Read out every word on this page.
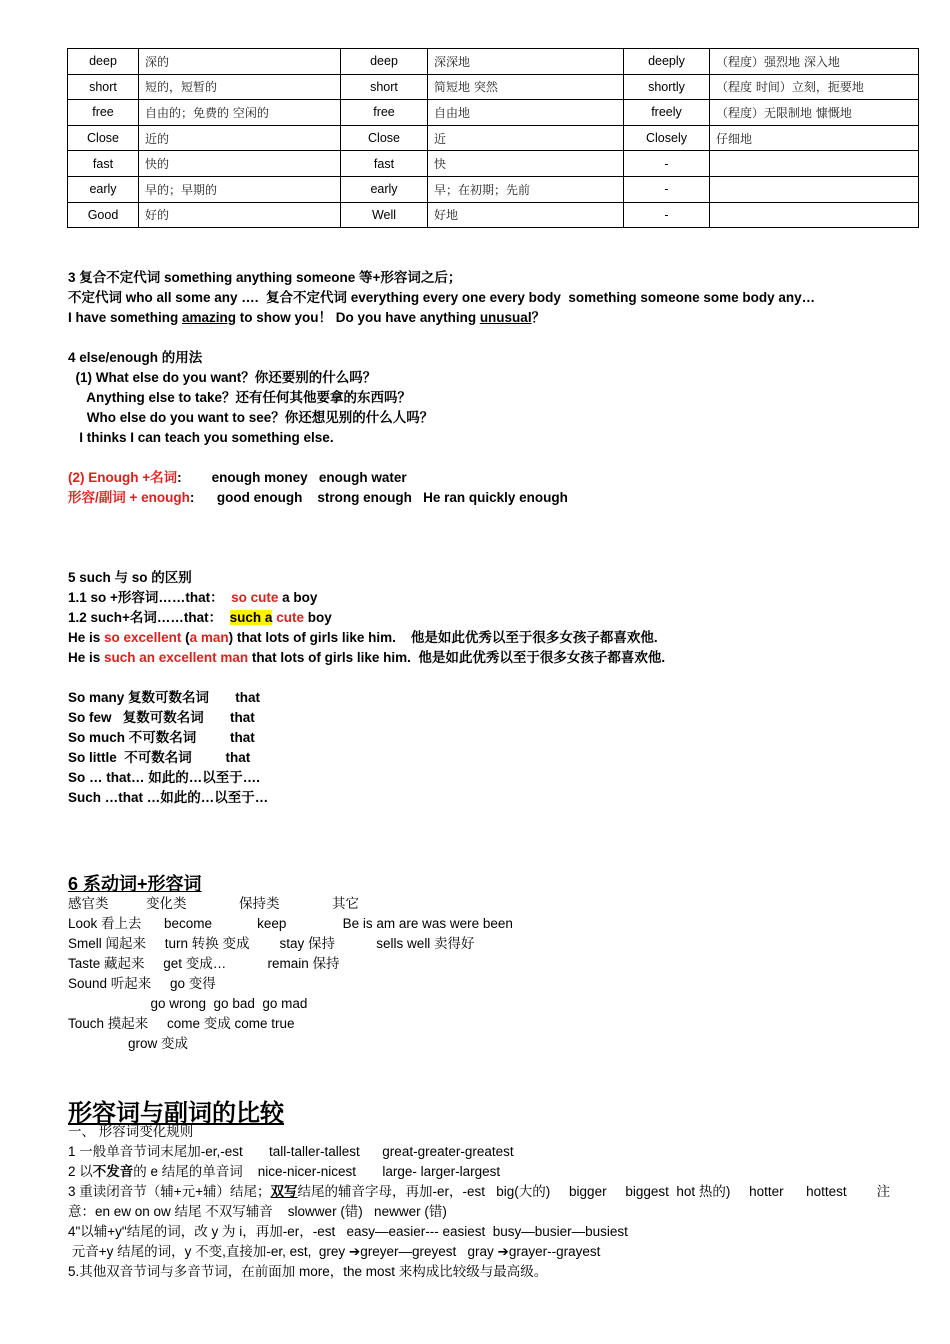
deep	深的	deep	深深地	deeply	（程度）强烈地 深入地
short	短的，短暂的	short	简短地 突然	shortly	（程度 时间）立刻，扼要地
free	自由的；免费的 空闲的	free	自由地	freely	（程度）无限制地 慷慨地
Close	近的	Close	近	Closely	仔细地
fast	快的	fast	快	-	
early	早的；早期的	early	早；在初期；先前	-	
Good	好的	Well	好地	-	
3 复合不定代词 something anything someone 等+形容词之后；
不定代词 who all some any ….  复合不定代词 everything every one every body  something someone some body any…
I have something amazing to show you！ Do you have anything unusual？
4 else/enough 的用法
(1) What else do you want？你还要别的什么吗？
Anything else to take？还有任何其他要拿的东西吗？
Who else do you want to see？你还想见别的什么人吗？
I thinks I can teach you something else.
(2) Enough +名词:        enough money   enough water
形容/副词 + enough:      good enough    strong enough   He ran quickly enough
5 such 与 so 的区别
1.1 so +形容词……that：  so cute a boy
1.2 such+名词……that：  such a cute boy
He is so excellent (a man) that lots of girls like him.    他是如此优秀以至于很多女孩子都喜欢他.
He is such an excellent man that lots of girls like him.  他是如此优秀以至于很多女孩子都喜欢他.
So many 复数可数名词       that
So few   复数可数名词       that
So much 不可数名词         that
So little  不可数名词         that
So … that… 如此的…以至于….
Such …that …如此的…以至于…
6 系动词+形容词
感官类          变化类              保持类              其它
Look 看上去      become            keep               Be is am are was were been
Smell 闻起来     turn 转换 变成        stay 保持           sells well 卖得好
Taste 藏起来     get 变成…           remain 保持
Sound 听起来     go 变得
go wrong  go bad  go mad
Touch 摸起来     come 变成 come true
grow 变成
形容词与副词的比较
一、 形容词变化规则
1 一般单音节词末尾加-er,-est       tall-taller-tallest      great-greater-greatest
2 以不发音的 e 结尾的单音词    nice-nicer-nicest       large- larger-largest
3 重读闭音节（辅+元+辅）结尾；双写结尾的辅音字母，再加-er，-est   big(大的)     bigger     biggest  hot 热的)     hotter      hottest        注
意：en ew on ow 结尾 不双写辅音    slowwer (错)   newwer (错)
4"以辅+y"结尾的词，改 y 为 i，再加-er，-est   easy—easier--- easiest  busy—busier—busiest
元音+y 结尾的词，y 不变,直接加-er, est,  grey ➔greyer—greyest   gray ➔grayer--grayest
5.其他双音节词与多音节词，在前面加 more，the most 来构成比较级与最高级。
